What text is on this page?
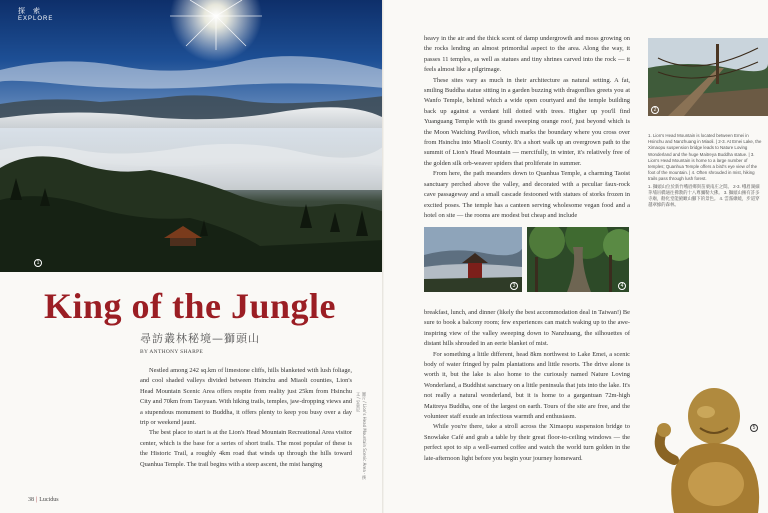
探 索
EXPLORE
1
King of the Jungle
尋訪叢林秘境—獅頭山
BY ANTHONY SHARPE

Nestled among 242 sq.km of limestone cliffs, hills blanketed with lush foliage, and cool shaded valleys divided between Hsinchu and Miaoli counties, Lion's Head Mountain Scenic Area offers respite from reality just 25km from Hsinchu City and 70km from Taoyuan. With hiking trails, temples, jaw-dropping views and a stupendous monument to Buddha, it offers plenty to keep you busy over a day trip or weekend jaunt.

The best place to start is at the Lion's Head Mountain Recreational Area visitor center, which is the base for a series of short trails. The most popular of these is the Historic Trail, a roughly 4km road that winds up through the hills toward Quanhua Temple. The trail begins with a steep ascent, the mist hanging	圖片 / Lion's Head Mountain Scenic Area · 撰文 / 安東尼
38 | Lucidus

heavy in the air and the thick scent of damp undergrowth and moss growing on the rocks lending an almost primordial aspect to the area. Along the way, it passes 11 temples, as well as statues and tiny shrines carved into the rock — it feels almost like a pilgrimage.

These sites vary as much in their architecture as natural setting. A fat, smiling Buddha statue sitting in a garden buzzing with dragonflies greets you at Wanfo Temple, behind which a wide open courtyard and the temple building back up against a verdant hill dotted with trees. Higher up you'll find Yuanguang Temple with its grand sweeping orange roof, just beyond which is the Moon Watching Pavilion, which marks the boundary where you cross over from Hsinchu into Miaoli County. It's a short walk up an overgrown path to the summit of Lion's Head Mountain — mercifully, in winter, it's relatively free of the golden silk orb-weaver spiders that proliferate in summer.

From here, the path meanders down to Quanhua Temple, a charming Taoist sanctuary perched above the valley, and decorated with a peculiar faux-rock cave passageway and a small cascade festooned with statues of storks frozen in excited poses. The temple has a canteen serving wholesome vegan food and a hotel on site — the rooms are modest but cheap and include

2

1. Lion's Head Mountain is located between Emei in Hsinchu and Nanzhuang in Miaoli. | 2-3. At Emei Lake, the Ximaopu suspension bridge leads to Nature Loving Wonderland and the huge Maitreya Buddha statue. | 3. Lion's Head Mountain is home to a large number of temples; Quanhua Temple offers a bird's eye view of the foot of the mountain. | 4. Often shrouded in mist, hiking trails pass through lush forest.

1. 獅頭山位於新竹峨眉鄉與苗栗南庄之間。 2-3. 峨眉湖細茅埔吊橋通往佛教的十八尊彌勒大佛。 3. 獅頭山擁有許多寺廟，勸化堂能俯瞰山腳下的景色。 4. 雲霧繚繞，步道穿越翠綠的森林。

3	4

breakfast, lunch, and dinner (likely the best accommodation deal in Taiwan!) Be sure to book a balcony room; few experiences can match waking up to the awe-inspiring view of the valley sweeping down to Nanzhuang, the silhouettes of distant hills shrouded in an eerie blanket of mist.

For something a little different, head 8km northwest to Lake Emei, a scenic body of water fringed by palm plantations and little resorts. The drive alone is worth it, but the lake is also home to the curiously named Nature Loving Wonderland, a Buddhist sanctuary on a little peninsula that juts into the lake. It's not really a natural wonderland, but it is home to a gargantuan 72m-high Maitreya Buddha, one of the largest on earth. Tours of the site are free, and the volunteer staff exude an infectious warmth and enthusiasm.

While you're there, take a stroll across the Ximaopu suspension bridge to Snowlake Café and grab a table by their great floor-to-ceiling windows — the perfect spot to sip a well-earned coffee and watch the world turn golden in the late-afternoon light before you begin your journey homeward.

5
